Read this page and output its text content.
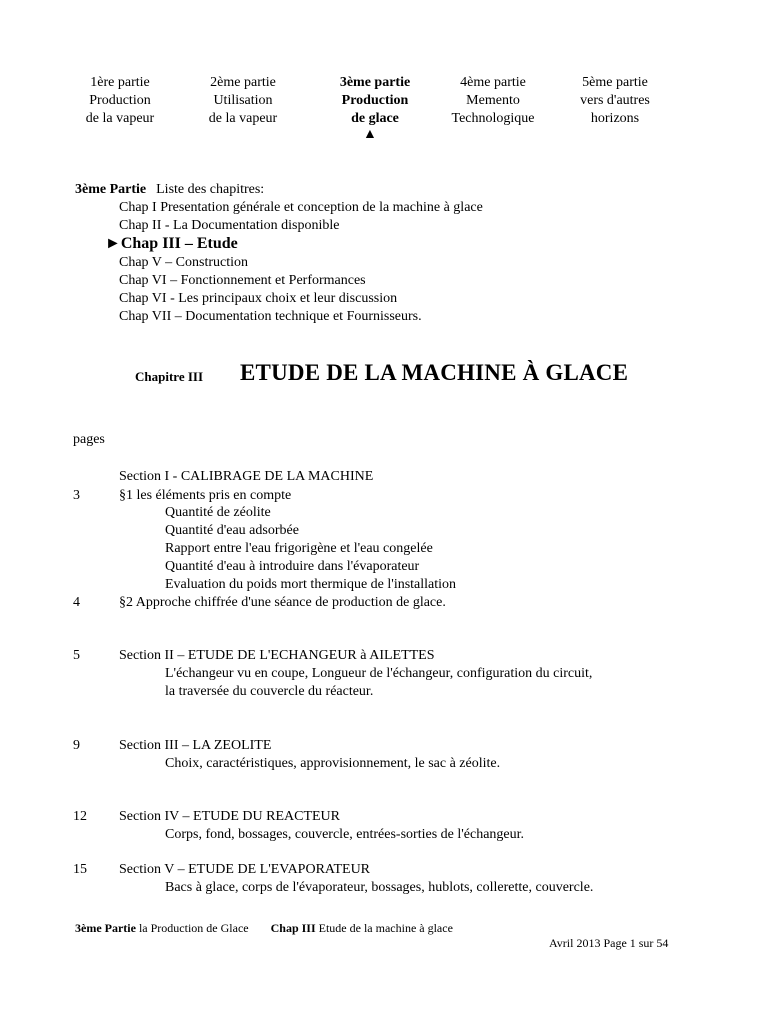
1ère partie
Production
de la vapeur
2ème partie
Utilisation
de la vapeur
3ème partie
Production
de glace
4ème partie
Memento
Technologique
5ème partie
vers d'autres
horizons
▲
3ème Partie Liste des chapitres:
Chap I Presentation générale et conception de la machine à glace
Chap II - La Documentation disponible
►Chap III – Etude
Chap V – Construction
Chap VI – Fonctionnement et Performances
Chap VI - Les principaux choix et leur discussion
Chap VII – Documentation technique et Fournisseurs.
Chapitre III ETUDE DE LA MACHINE À GLACE
pages
Section I - CALIBRAGE DE LA MACHINE
3	§1 les éléments pris en compte
Quantité de zéolite
Quantité d'eau adsorbée
Rapport entre l'eau frigorigène et l'eau congelée
Quantité d'eau à introduire dans l'évaporateur
Evaluation du poids mort thermique de l'installation
4	§2 Approche chiffrée d'une séance de production de glace.
5	Section II – ETUDE DE L'ECHANGEUR à AILETTES
L'échangeur vu en coupe, Longueur de l'échangeur, configuration du circuit,
la traversée du couvercle du réacteur.
9	Section III – LA ZEOLITE
Choix, caractéristiques, approvisionnement, le sac à zéolite.
12	Section IV – ETUDE DU REACTEUR
Corps, fond, bossages, couvercle, entrées-sorties de l'échangeur.
15	Section V – ETUDE DE L'EVAPORATEUR
Bacs à glace, corps de l'évaporateur, bossages, hublots, collerette, couvercle.
3ème Partie la Production de Glace Chap III Etude de la machine à glace
Avril 2013 Page 1 sur 54
